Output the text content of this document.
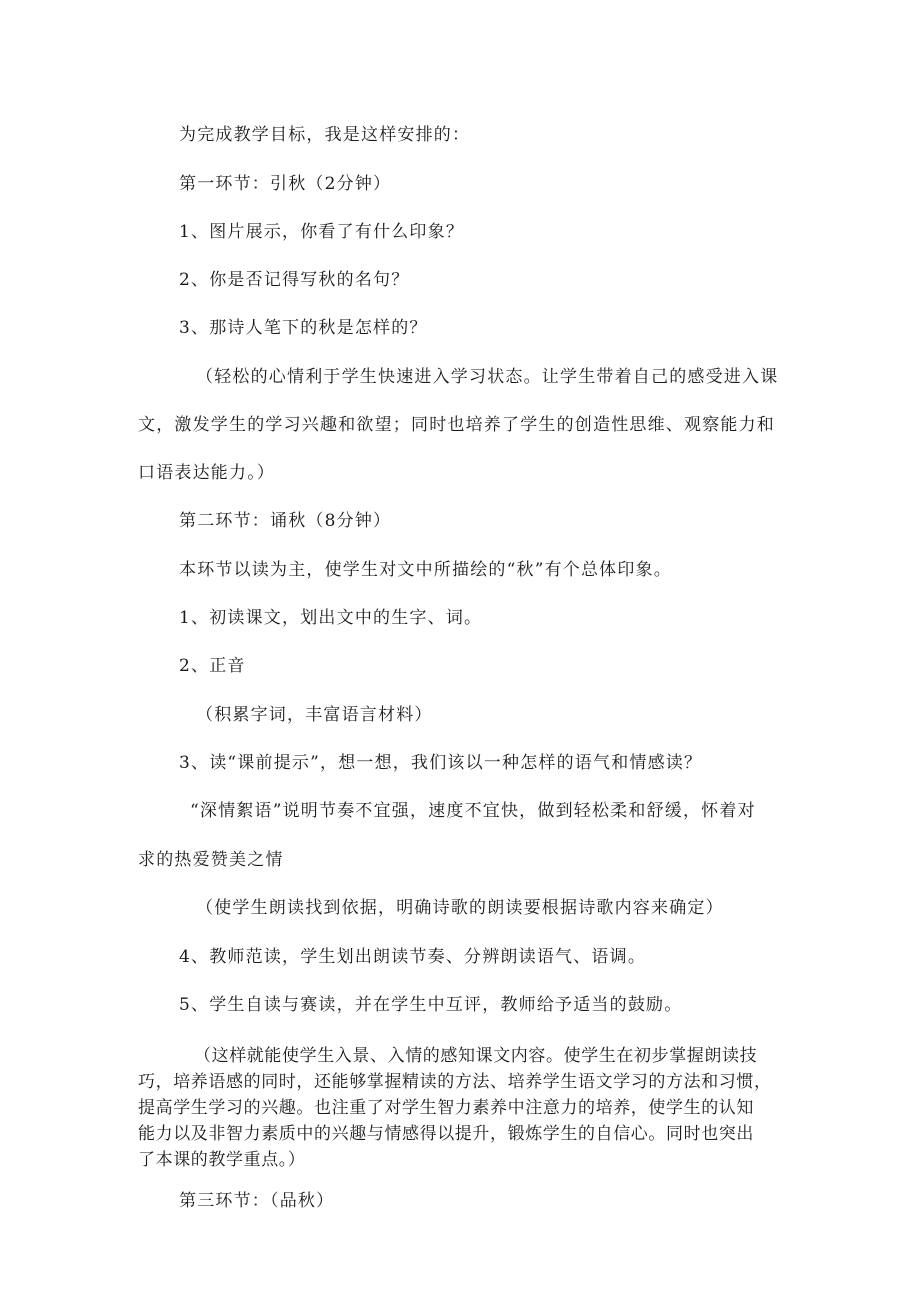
为完成教学目标，我是这样安排的：
第一环节：引秋（2分钟）
1、图片展示，你看了有什么印象？
2、你是否记得写秋的名句？
3、那诗人笔下的秋是怎样的？
（轻松的心情利于学生快速进入学习状态。让学生带着自己的感受进入课
文，激发学生的学习兴趣和欲望；同时也培养了学生的创造性思维、观察能力和
口语表达能力。）
第二环节：诵秋（8分钟）
本环节以读为主，使学生对文中所描绘的“秋”有个总体印象。
1、初读课文，划出文中的生字、词。
2、正音
（积累字词，丰富语言材料）
3、读“课前提示”，想一想，我们该以一种怎样的语气和情感读？
“深情絮语”说明节奏不宜强，速度不宜快，做到轻松柔和舒缓，怀着对
求的热爱赞美之情
（使学生朗读找到依据，明确诗歌的朗读要根据诗歌内容来确定）
4、教师范读，学生划出朗读节奏、分辨朗读语气、语调。
5、学生自读与赛读，并在学生中互评，教师给予适当的鼓励。
（这样就能使学生入景、入情的感知课文内容。使学生在初步掌握朗读技
巧，培养语感的同时，还能够掌握精读的方法、培养学生语文学习的方法和习惯，
提高学生学习的兴趣。也注重了对学生智力素养中注意力的培养，使学生的认知
能力以及非智力素质中的兴趣与情感得以提升，锻炼学生的自信心。同时也突出
了本课的教学重点。）
第三环节：（品秋）
